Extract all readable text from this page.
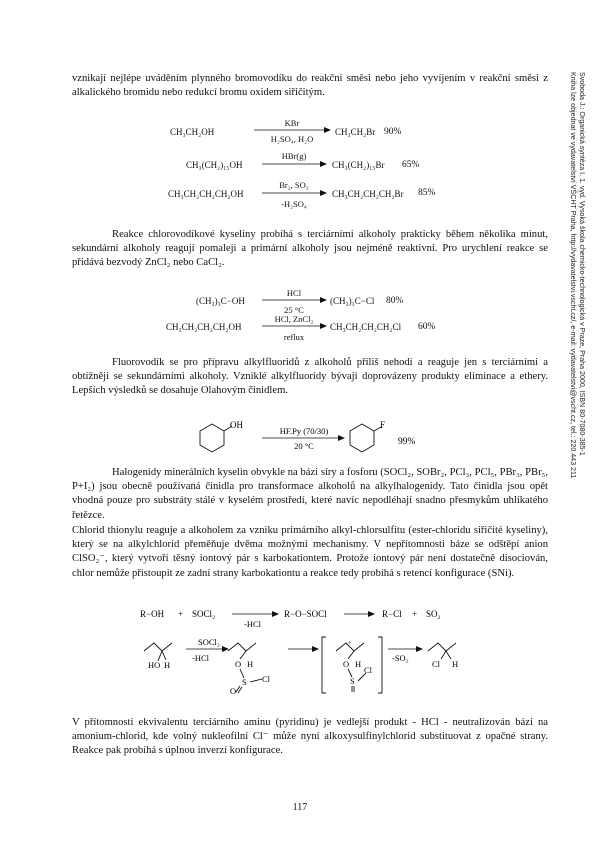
Svoboda J.: Organická syntéza I. 1. vyd. Vysoká škola chemicko-technologická v Praze, Praha 2000, ISBN 80-7080-385-1
Kniha lze objednat ve vydavatelství VŠCHT Praha, http://vydavatelstvi.vscht.cz/, e-mail: vydavatelstvi@vscht.cz, tel.: 220 443 211
vznikají nejlépe uváděním plynného bromovodíku do reakční směsi nebo jeho vyvíjením v reakční směsi z alkalického bromidu nebo redukcí bromu oxidem siřičitým.
CH₃CH₂OH
KBr
H₂SO₄, H₂O
CH₃CH₂Br 90%
CH₃(CH₂)₁₅OH
HBr(g)
CH₃(CH₂)₁₅Br 65%
CH₃CH₂CH₂CH₂OH
Br₂, SO₂
-H₂SO₄
CH₃CH₂CH₂CH₂Br 85%
Reakce chlorovodíkové kyseliny probíhá s terciárními alkoholy prakticky během několika minut, sekundární alkoholy reagují pomaleji a primární alkoholy jsou nejméně reaktivní. Pro urychlení reakce se přidává bezvodý ZnCl₂ nebo CaCl₂.
(CH₃)₃C−OH
HCl
25 °C
(CH₃)₃C−Cl 80%
CH₃CH₂CH₂CH₂OH
HCl, ZnCl₂
reflux
CH₃CH₂CH₂CH₂Cl 60%
Fluorovodík se pro přípravu alkylfluoridů z alkoholů příliš nehodí a reaguje jen s terciárními a obtížněji se sekundárními alkoholy. Vzniklé alkylfluoridy bývají doprovázeny produkty eliminace a ethery. Lepších výsledků se dosahuje Olahovým činidlem.
OH
HF.Py (70/30)
20 °C
F
99%
Halogenidy minerálních kyselin obvykle na bázi síry a fosforu (SOCl₂, SOBr₂, PCl₃, PCl₅, PBr₃, PBr₅, P+I₂) jsou obecně používaná činidla pro transformace alkoholů na alkylhalogenidy. Tato činidla jsou opět vhodná pouze pro substráty stálé v kyselém prostředí, které navíc nepodléhají snadno přesmykům uhlíkatého řetězce.
Chlorid thionylu reaguje a alkoholem za vzniku primárního alkyl-chlorsulfitu (ester-chloridu siřičité kyseliny), který se na alkylchlorid přeměňuje dvěma možnými mechanismy. V nepřítomnosti báze se odštěpí anion ClSO₂⁻, který vytvoří těsný iontový pár s karbokationtem. Protože iontový pár není dostatečně disociován, chlor nemůže přistoupit ze zadní strany karbokationtu a reakce tedy probíhá s retencí konfigurace (SNi).
R−OH + SOCl₂
-HCl
R−O−SOCl	R−Cl + SO₂
HO H
SOCl₂
-HCl
O H
S Cl
O
+
O H
S
Cl
-SO₂
Cl H
V přítomnosti ekvivalentu terciárního aminu (pyridinu) je vedlejší produkt - HCl - neutralizován bázi na amonium-chlorid, kde volný nukleofilní Cl⁻ může nyní alkoxysulfinylchlorid substituovat z opačné strany. Reakce pak probíhá s úplnou inverzí konfigurace.
117
